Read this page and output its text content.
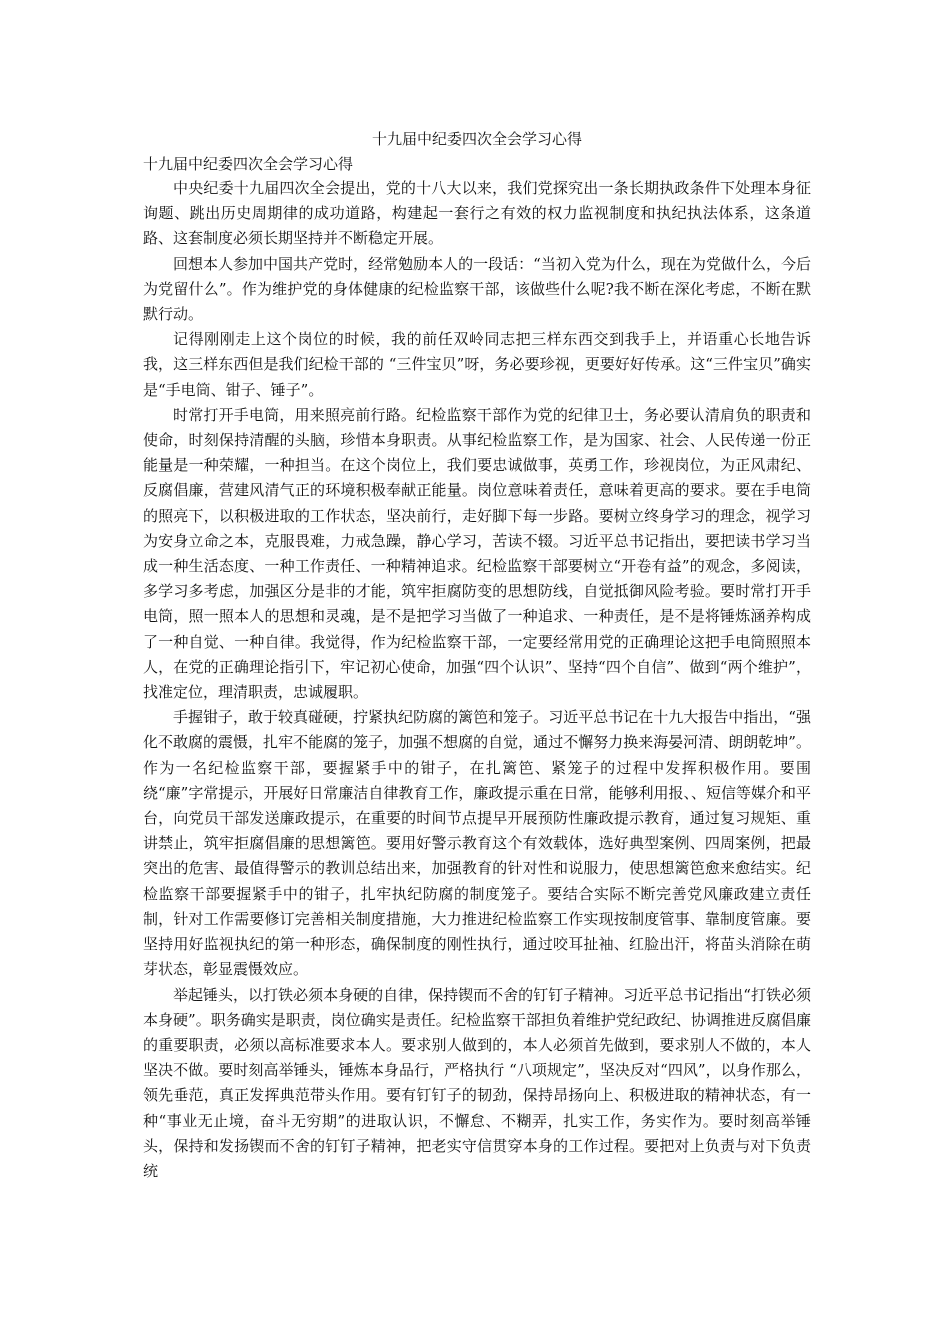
十九届中纪委四次全会学习心得
十九届中纪委四次全会学习心得

中央纪委十九届四次全会提出，党的十八大以来，我们党探究出一条长期执政条件下处理本身征询题、跳出历史周期律的成功道路，构建起一套行之有效的权力监视制度和执纪执法体系，这条道路、这套制度必须长期坚持并不断稳定开展。

回想本人参加中国共产党时，经常勉励本人的一段话：“当初入党为什么，现在为党做什么，今后为党留什么”。作为维护党的身体健康的纪检监察干部，该做些什么呢?我不断在深化考虑，不断在默默行动。

记得刚刚走上这个岗位的时候，我的前任双岭同志把三样东西交到我手上，并语重心长地告诉我，这三样东西但是我们纪检干部的 “三件宝贝”呀，务必要珍视，更要好好传承。这“三件宝贝”确实是“手电筒、钳子、锤子”。

时常打开手电筒，用来照亮前行路。纪检监察干部作为党的纪律卫士，务必要认清肩负的职责和使命，时刻保持清醒的头脑，珍惜本身职责。从事纪检监察工作，是为国家、社会、人民传递一份正能量是一种荣耀，一种担当。在这个岗位上，我们要忠诚做事，英勇工作，珍视岗位，为正风肃纪、反腐倡廉，营建风清气正的环境积极奉献正能量。岗位意味着责任，意味着更高的要求。要在手电筒的照亮下，以积极进取的工作状态，坚决前行，走好脚下每一步路。要树立终身学习的理念，视学习为安身立命之本，克服畏难，力戒急躁，静心学习，苦读不辍。习近平总书记指出，要把读书学习当成一种生活态度、一种工作责任、一种精神追求。纪检监察干部要树立“开卷有益”的观念，多阅读，多学习多考虑，加强区分是非的才能，筑牢拒腐防变的思想防线，自觉抵御风险考验。要时常打开手电筒，照一照本人的思想和灵魂，是不是把学习当做了一种追求、一种责任，是不是将锤炼涵养构成了一种自觉、一种自律。我觉得，作为纪检监察干部，一定要经常用党的正确理论这把手电筒照照本人，在党的正确理论指引下，牢记初心使命，加强“四个认识”、坚持“四个自信”、做到“两个维护”，找准定位，理清职责，忠诚履职。

手握钳子，敢于较真碰硬，拧紧执纪防腐的篱笆和笼子。习近平总书记在十九大报告中指出，“强化不敢腐的震慑，扎牢不能腐的笼子，加强不想腐的自觉，通过不懈努力换来海晏河清、朗朗乾坤”。作为一名纪检监察干部，要握紧手中的钳子，在扎篱笆、紧笼子的过程中发挥积极作用。要围绕“廉”字常提示，开展好日常廉洁自律教育工作，廉政提示重在日常，能够利用报、、短信等媒介和平台，向党员干部发送廉政提示，在重要的时间节点提早开展预防性廉政提示教育，通过复习规矩、重讲禁止，筑牢拒腐倡廉的思想篱笆。要用好警示教育这个有效载体，选好典型案例、四周案例，把最突出的危害、最值得警示的教训总结出来，加强教育的针对性和说服力，使思想篱笆愈来愈结实。纪检监察干部要握紧手中的钳子，扎牢执纪防腐的制度笼子。要结合实际不断完善党风廉政建立责任制，针对工作需要修订完善相关制度措施，大力推进纪检监察工作实现按制度管事、靠制度管廉。要坚持用好监视执纪的第一种形态，确保制度的刚性执行，通过咬耳扯袖、红脸出汗，将苗头消除在萌芽状态，彰显震慑效应。

举起锤头，以打铁必须本身硬的自律，保持锲而不舍的钉钉子精神。习近平总书记指出“打铁必须本身硬”。职务确实是职责，岗位确实是责任。纪检监察干部担负着维护党纪政纪、协调推进反腐倡廉的重要职责，必须以高标准要求本人。要求别人做到的，本人必须首先做到，要求别人不做的，本人坚决不做。要时刻高举锤头，锤炼本身品行，严格执行 “八项规定”，坚决反对“四风”，以身作那么，领先垂范，真正发挥典范带头作用。要有钉钉子的韧劲，保持昂扬向上、积极进取的精神状态，有一种“事业无止境，奋斗无穷期”的进取认识，不懈怠、不糊弄，扎实工作，务实作为。要时刻高举锤头，保持和发扬锲而不舍的钉钉子精神，把老实守信贯穿本身的工作过程。要把对上负责与对下负责统
